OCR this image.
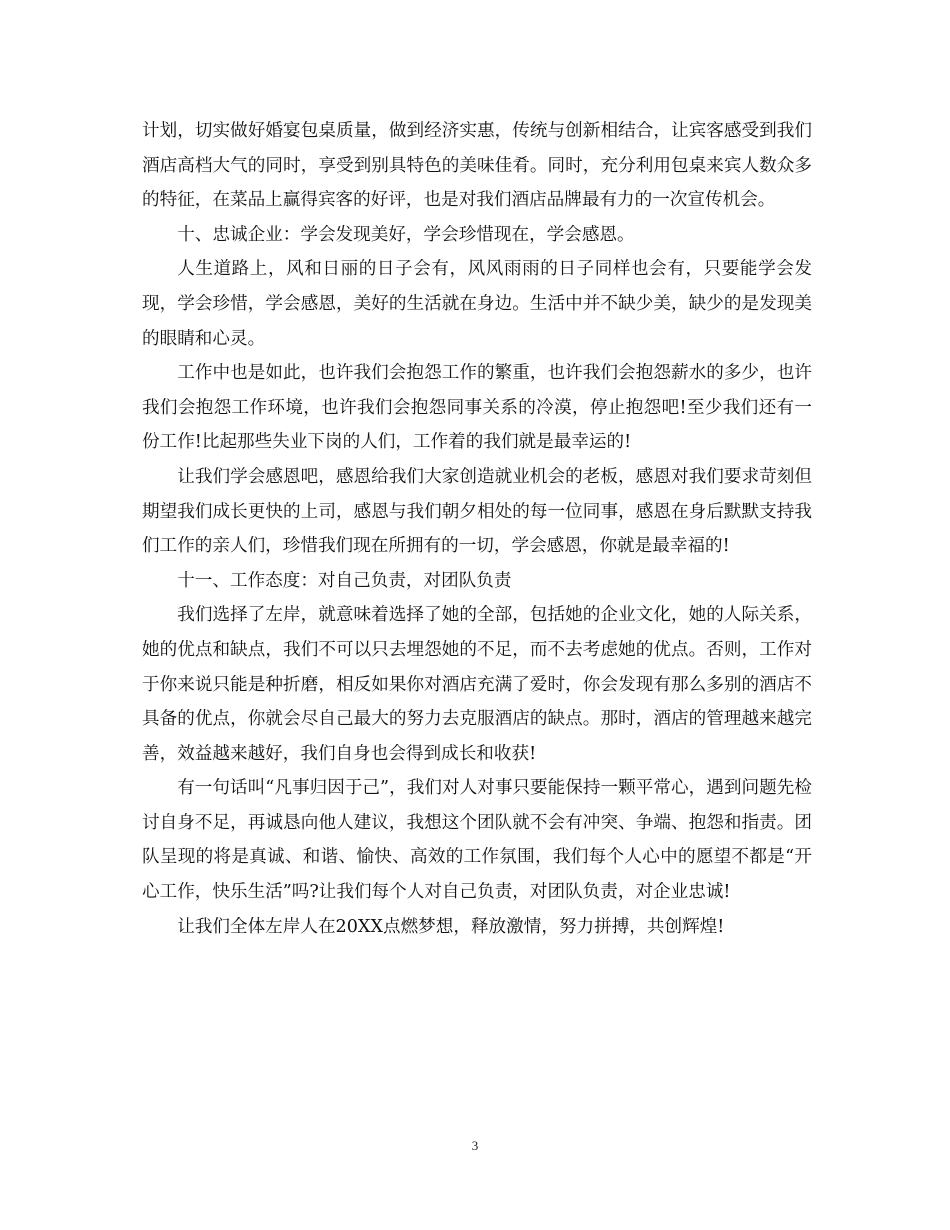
计划，切实做好婚宴包桌质量，做到经济实惠，传统与创新相结合，让宾客感受到我们酒店高档大气的同时，享受到别具特色的美味佳肴。同时，充分利用包桌来宾人数众多的特征，在菜品上赢得宾客的好评，也是对我们酒店品牌最有力的一次宣传机会。

十、忠诚企业：学会发现美好，学会珍惜现在，学会感恩。

人生道路上，风和日丽的日子会有，风风雨雨的日子同样也会有，只要能学会发现，学会珍惜，学会感恩，美好的生活就在身边。生活中并不缺少美，缺少的是发现美的眼睛和心灵。

工作中也是如此，也许我们会抱怨工作的繁重，也许我们会抱怨薪水的多少，也许我们会抱怨工作环境，也许我们会抱怨同事关系的冷漠，停止抱怨吧!至少我们还有一份工作!比起那些失业下岗的人们，工作着的我们就是最幸运的!

让我们学会感恩吧，感恩给我们大家创造就业机会的老板，感恩对我们要求苛刻但期望我们成长更快的上司，感恩与我们朝夕相处的每一位同事，感恩在身后默默支持我们工作的亲人们，珍惜我们现在所拥有的一切，学会感恩，你就是最幸福的!

十一、工作态度：对自己负责，对团队负责

我们选择了左岸，就意味着选择了她的全部，包括她的企业文化，她的人际关系，她的优点和缺点，我们不可以只去埋怨她的不足，而不去考虑她的优点。否则，工作对于你来说只能是种折磨，相反如果你对酒店充满了爱时，你会发现有那么多别的酒店不具备的优点，你就会尽自己最大的努力去克服酒店的缺点。那时，酒店的管理越来越完善，效益越来越好，我们自身也会得到成长和收获!

有一句话叫“凡事归因于己”，我们对人对事只要能保持一颗平常心，遇到问题先检讨自身不足，再诚恳向他人建议，我想这个团队就不会有冲突、争端、抱怨和指责。团队呈现的将是真诚、和谐、愉快、高效的工作氛围，我们每个人心中的愿望不都是“开心工作，快乐生活”吗?让我们每个人对自己负责，对团队负责，对企业忠诚!

让我们全体左岸人在20XX点燃梦想，释放激情，努力拼搏，共创辉煌!

3
